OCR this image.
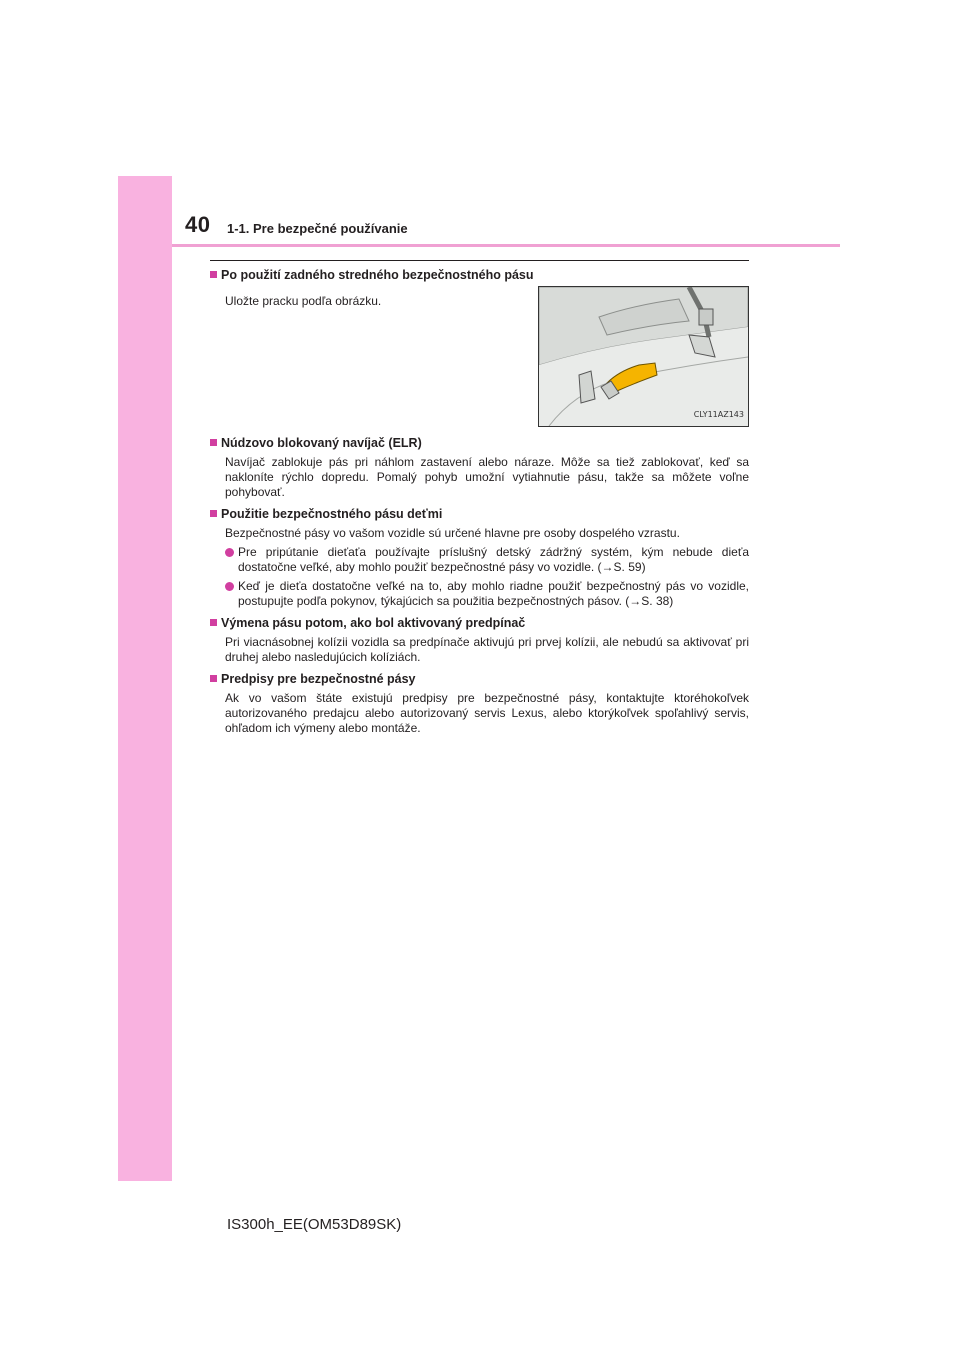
40 1-1. Pre bezpečné používanie

Po použití zadného stredného bezpečnostného pásu

Uložte pracku podľa obrázku.

CLY11AZ143

Núdzovo blokovaný navíjač (ELR)

Navíjač zablokuje pás pri náhlom zastavení alebo náraze. Môže sa tiež zablokovať, keď sa nakloníte rýchlo dopredu. Pomalý pohyb umožní vytiahnutie pásu, takže sa môžete voľne pohybovať.

Použitie bezpečnostného pásu deťmi

Bezpečnostné pásy vo vašom vozidle sú určené hlavne pre osoby dospelého vzrastu.

Pre pripútanie dieťaťa používajte príslušný detský zádržný systém, kým nebude dieťa dostatočne veľké, aby mohlo použiť bezpečnostné pásy vo vozidle. (→S. 59)
Keď je dieťa dostatočne veľké na to, aby mohlo riadne použiť bezpečnostný pás vo vozidle, postupujte podľa pokynov, týkajúcich sa použitia bezpečnostných pásov. (→S. 38)

Výmena pásu potom, ako bol aktivovaný predpínač

Pri viacnásobnej kolízii vozidla sa predpínače aktivujú pri prvej kolízii, ale nebudú sa aktivovať pri druhej alebo nasledujúcich kolíziách.

Predpisy pre bezpečnostné pásy

Ak vo vašom štáte existujú predpisy pre bezpečnostné pásy, kontaktujte ktoréhokoľvek autorizovaného predajcu alebo autorizovaný servis Lexus, alebo ktorýkoľvek spoľahlivý servis, ohľadom ich výmeny alebo montáže.

IS300h_EE(OM53D89SK)
